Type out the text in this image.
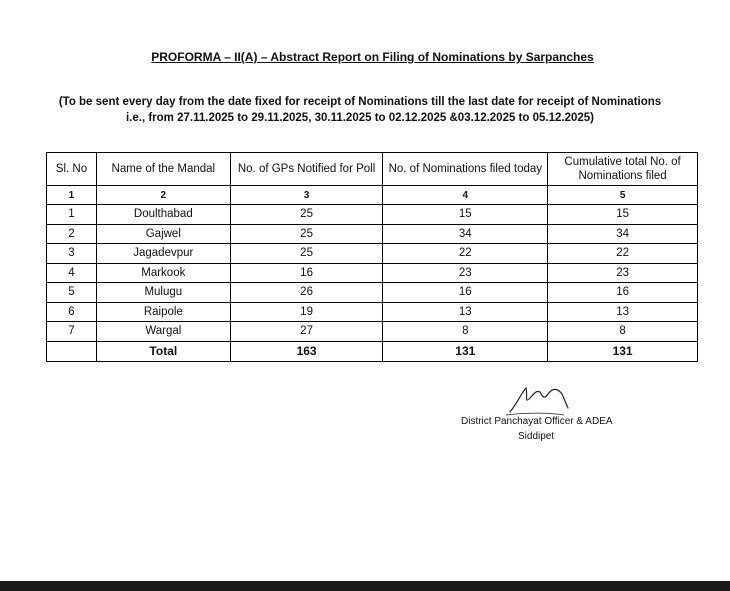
PROFORMA – II(A) – Abstract Report on Filing of Nominations by Sarpanches
(To be sent every day from the date fixed for receipt of Nominations till the last date for receipt of Nominations
i.e., from 27.11.2025 to 29.11.2025, 30.11.2025 to 02.12.2025 &03.12.2025 to 05.12.2025)
Sl. No	Name of the Mandal	No. of GPs Notified for Poll	No. of Nominations filed today	Cumulative total No. of Nominations filed
1	2	3	4	5
1	Doulthabad	25	15	15
2	Gajwel	25	34	34
3	Jagadevpur	25	22	22
4	Markook	16	23	23
5	Mulugu	26	16	16
6	Raipole	19	13	13
7	Wargal	27	8	8
	Total	163	131	131
District Panchayat Officer & ADEA
Siddipet
